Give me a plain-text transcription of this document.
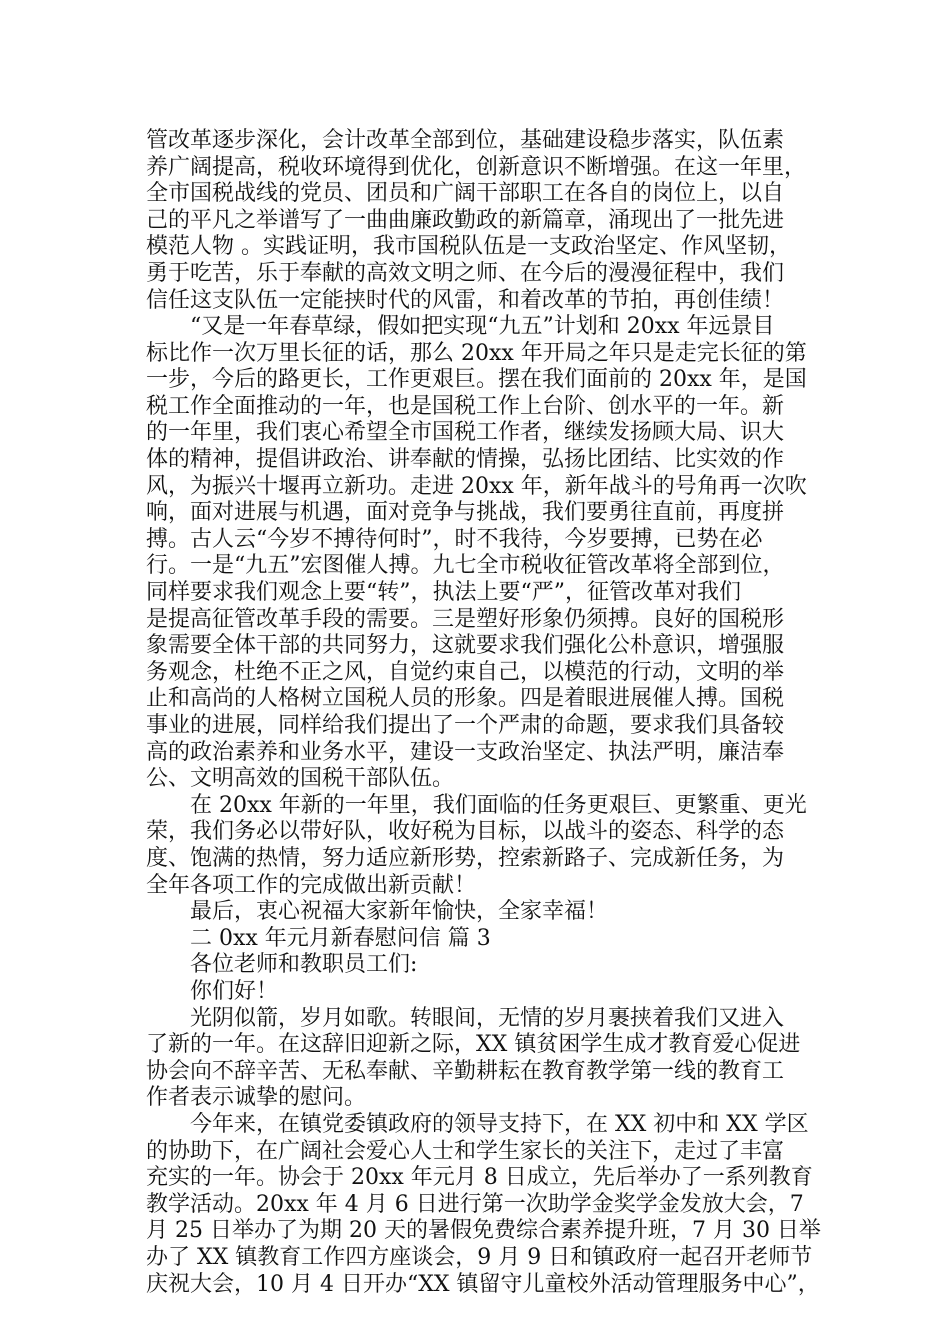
管改革逐步深化，会计改革全部到位，基础建设稳步落实，队伍素
养广阔提高，税收环境得到优化，创新意识不断增强。在这一年里，
全市国税战线的党员、团员和广阔干部职工在各自的岗位上，以自
己的平凡之举谱写了一曲曲廉政勤政的新篇章，涌现出了一批先进
模范人物 。实践证明，我市国税队伍是一支政治坚定、作风坚韧，
勇于吃苦，乐于奉献的高效文明之师、在今后的漫漫征程中，我们
信任这支队伍一定能挟时代的风雷，和着改革的节拍，再创佳绩！
“又是一年春草绿，假如把实现“九五”计划和 20xx 年远景目
标比作一次万里长征的话，那么 20xx 年开局之年只是走完长征的第
一步，今后的路更长，工作更艰巨。摆在我们面前的 20xx 年，是国
税工作全面推动的一年，也是国税工作上台阶、创水平的一年。新
的一年里，我们衷心希望全市国税工作者，继续发扬顾大局、识大
体的精神，提倡讲政治、讲奉献的情操，弘扬比团结、比实效的作
风，为振兴十堰再立新功。走进 20xx 年，新年战斗的号角再一次吹
响，面对进展与机遇，面对竞争与挑战，我们要勇往直前，再度拼
搏。古人云“今岁不搏待何时”，时不我待，今岁要搏，已势在必
行。一是“九五”宏图催人搏。九七全市税收征管改革将全部到位，
同样要求我们观念上要“转”，执法上要“严”，征管改革对我们
是提高征管改革手段的需要。三是塑好形象仍须搏。良好的国税形
象需要全体干部的共同努力，这就要求我们强化公朴意识，增强服
务观念，杜绝不正之风，自觉约束自己，以模范的行动，文明的举
止和高尚的人格树立国税人员的形象。四是着眼进展催人搏。国税
事业的进展，同样给我们提出了一个严肃的命题，要求我们具备较
高的政治素养和业务水平，建设一支政治坚定、执法严明，廉洁奉
公、文明高效的国税干部队伍。
在 20xx 年新的一年里，我们面临的任务更艰巨、更繁重、更光
荣，我们务必以带好队，收好税为目标，以战斗的姿态、科学的态
度、饱满的热情，努力适应新形势，控索新路子、完成新任务，为
全年各项工作的完成做出新贡献！
最后，衷心祝福大家新年愉快，全家幸福！
二 0xx 年元月新春慰问信 篇 3
各位老师和教职员工们:
你们好！
光阴似箭，岁月如歌。转眼间，无情的岁月裹挟着我们又进入
了新的一年。在这辞旧迎新之际，XX 镇贫困学生成才教育爱心促进
协会向不辞辛苦、无私奉献、辛勤耕耘在教育教学第一线的教育工
作者表示诚挚的慰问。
今年来，在镇党委镇政府的领导支持下，在 XX 初中和 XX 学区
的协助下，在广阔社会爱心人士和学生家长的关注下，走过了丰富
充实的一年。协会于 20xx 年元月 8 日成立，先后举办了一系列教育
教学活动。20xx 年 4 月 6 日进行第一次助学金奖学金发放大会，7
月 25 日举办了为期 20 天的暑假免费综合素养提升班，7 月 30 日举
办了 XX 镇教育工作四方座谈会，9 月 9 日和镇政府一起召开老师节
庆祝大会，10 月 4 日开办“XX 镇留守儿童校外活动管理服务中心”，
